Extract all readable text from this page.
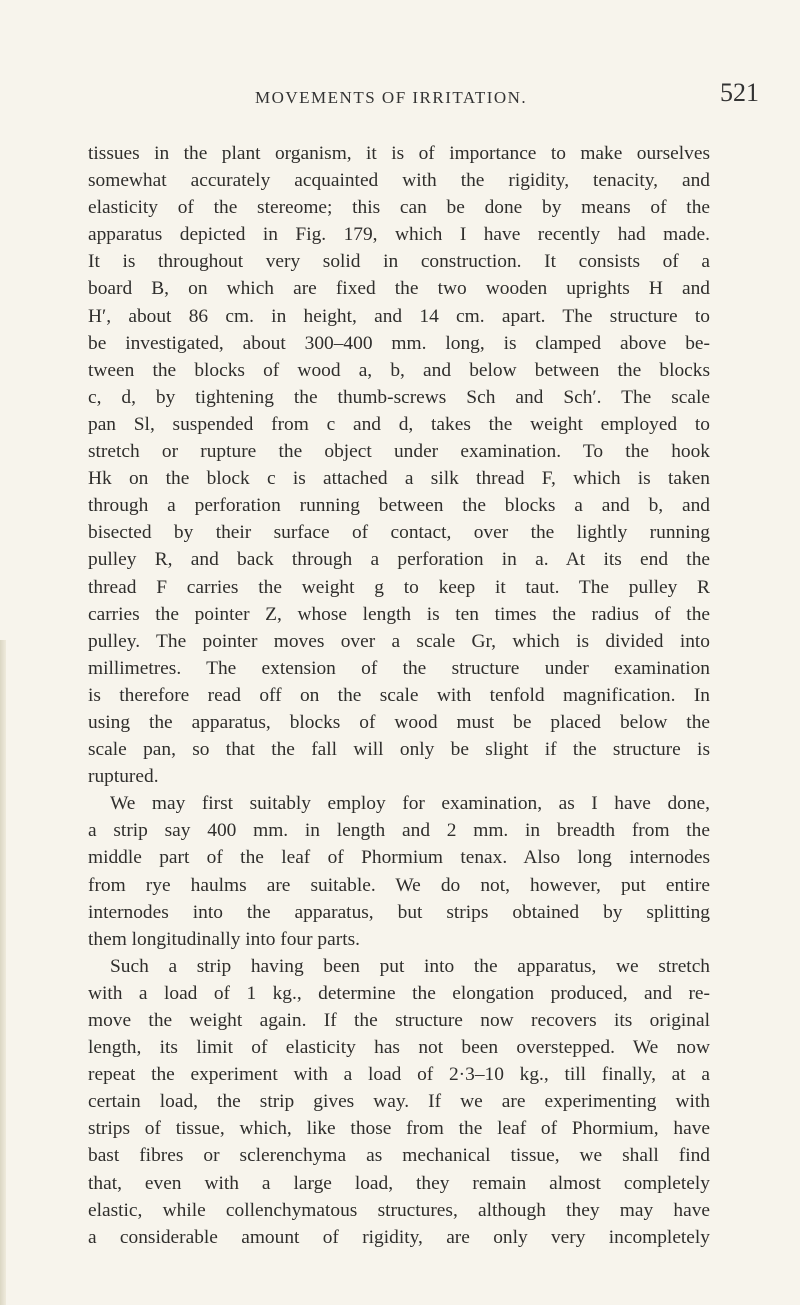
MOVEMENTS OF IRRITATION.	521
tissues in the plant organism, it is of importance to make ourselves
somewhat accurately acquainted with the rigidity, tenacity, and
elasticity of the stereome; this can be done by means of the
apparatus depicted in Fig. 179, which I have recently had made.
It is throughout very solid in construction. It consists of a
board B, on which are fixed the two wooden uprights H and
H′, about 86 cm. in height, and 14 cm. apart. The structure to
be investigated, about 300–400 mm. long, is clamped above be-
tween the blocks of wood a, b, and below between the blocks
c, d, by tightening the thumb-screws Sch and Sch′. The scale
pan Sl, suspended from c and d, takes the weight employed to
stretch or rupture the object under examination. To the hook
Hk on the block c is attached a silk thread F, which is taken
through a perforation running between the blocks a and b, and
bisected by their surface of contact, over the lightly running
pulley R, and back through a perforation in a. At its end the
thread F carries the weight g to keep it taut. The pulley R
carries the pointer Z, whose length is ten times the radius of the
pulley. The pointer moves over a scale Gr, which is divided into
millimetres. The extension of the structure under examination
is therefore read off on the scale with tenfold magnification. In
using the apparatus, blocks of wood must be placed below the
scale pan, so that the fall will only be slight if the structure is
ruptured.
We may first suitably employ for examination, as I have done,
a strip say 400 mm. in length and 2 mm. in breadth from the
middle part of the leaf of Phormium tenax. Also long internodes
from rye haulms are suitable. We do not, however, put entire
internodes into the apparatus, but strips obtained by splitting
them longitudinally into four parts.
Such a strip having been put into the apparatus, we stretch
with a load of 1 kg., determine the elongation produced, and re-
move the weight again. If the structure now recovers its original
length, its limit of elasticity has not been overstepped. We now
repeat the experiment with a load of 2·3–10 kg., till finally, at a
certain load, the strip gives way. If we are experimenting with
strips of tissue, which, like those from the leaf of Phormium, have
bast fibres or sclerenchyma as mechanical tissue, we shall find
that, even with a large load, they remain almost completely
elastic, while collenchymatous structures, although they may have
a considerable amount of rigidity, are only very incompletely
